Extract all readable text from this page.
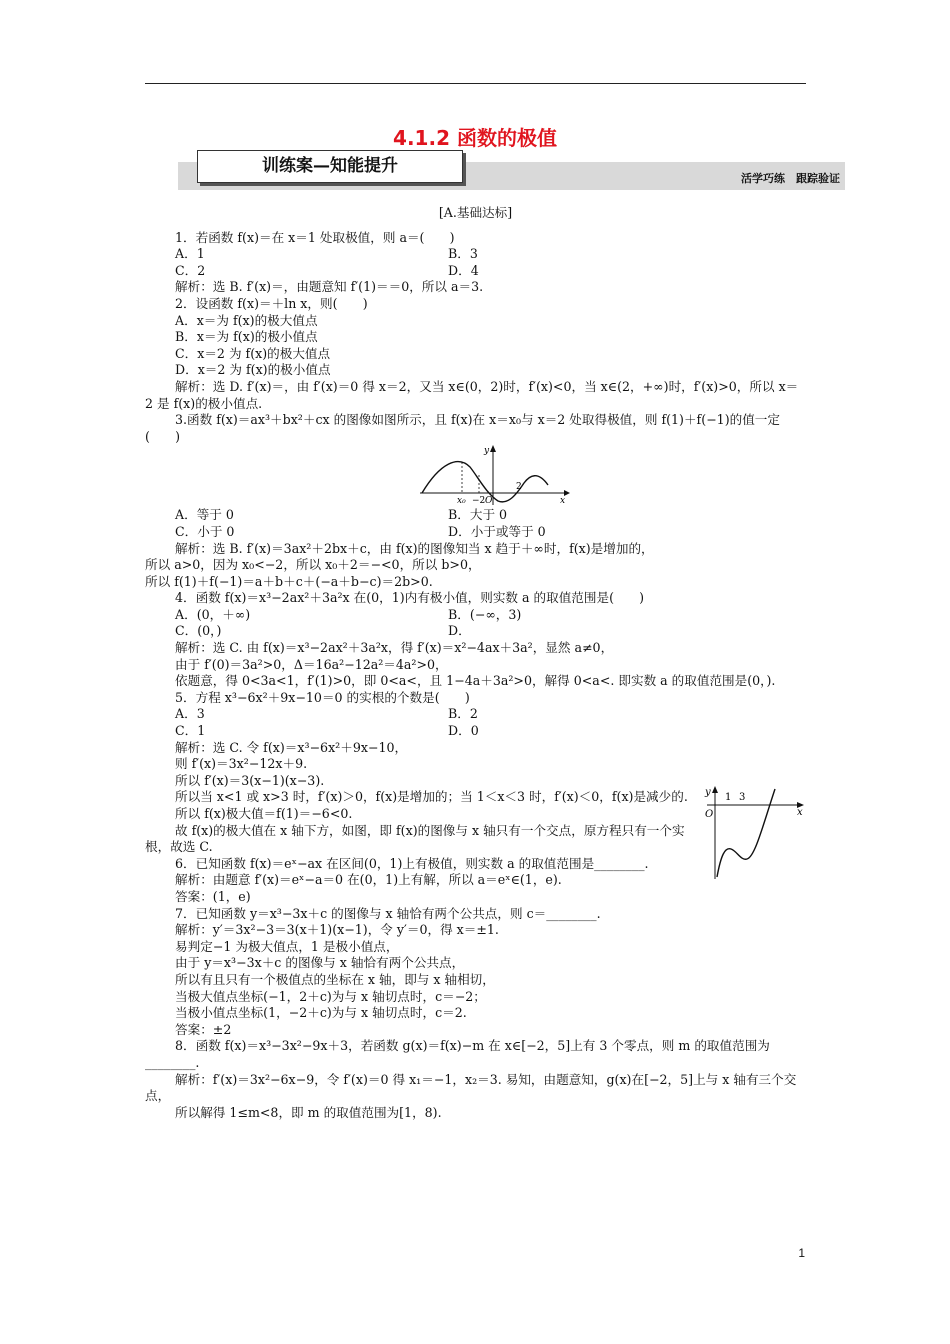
4.1.2 函数的极值
训练案—知能提升
活学巧练　跟踪验证
[A.基础达标]
1．若函数 f(x)＝在 x＝1 处取极值，则 a＝(　　)
A．1	B．3
C．2	D．4
解析：选 B. f′(x)＝，由题意知 f′(1)＝＝0，所以 a＝3.
2．设函数 f(x)＝＋ln x，则(　　)
A．x＝为 f(x)的极大值点
B．x＝为 f(x)的极小值点
C．x＝2 为 f(x)的极大值点
D．x＝2 为 f(x)的极小值点
解析：选 D. f′(x)＝，由 f′(x)＝0 得 x＝2，又当 x∈(0，2)时，f′(x)<0，当 x∈(2，+∞)时，f′(x)>0，所以 x＝2 是 f(x)的极小值点.
3.函数 f(x)＝ax³＋bx²＋cx 的图像如图所示，且 f(x)在 x＝x₀与 x＝2 处取得极值，则 f(1)＋f(−1)的值一定(　　)
y
x
x₀ −2 O
2
A．等于 0	B．大于 0
C．小于 0	D．小于或等于 0
解析：选 B. f′(x)＝3ax²＋2bx＋c，由 f(x)的图像知当 x 趋于＋∞时，f(x)是增加的，
所以 a>0，因为 x₀<−2，所以 x₀＋2＝−<0，所以 b>0，
所以 f(1)＋f(−1)＝a＋b＋c＋(−a＋b−c)＝2b>0.
4．函数 f(x)＝x³−2ax²＋3a²x 在(0，1)内有极小值，则实数 a 的取值范围是(　　)
A．(0，＋∞)	B．(−∞，3)
C．(0，)	D．
解析：选 C. 由 f(x)＝x³−2ax²＋3a²x，得 f′(x)＝x²−4ax＋3a²，显然 a≠0，
由于 f′(0)＝3a²>0，Δ＝16a²−12a²＝4a²>0，
依题意，得 0<3a<1，f′(1)>0，即 0<a<，且 1−4a＋3a²>0，解得 0<a<. 即实数 a 的取值范围是(0，).
5．方程 x³−6x²＋9x−10＝0 的实根的个数是(　　)
A．3	B．2
C．1	D．0
解析：选 C. 令 f(x)＝x³−6x²＋9x−10，
则 f′(x)＝3x²−12x＋9.
所以 f′(x)＝3(x−1)(x−3).
y
x
O
1 3
所以当 x<1 或 x>3 时，f′(x)＞0，f(x)是增加的；当 1＜x＜3 时，f′(x)＜0，f(x)是减少的.
所以 f(x)极大值＝f(1)＝−6<0.
故 f(x)的极大值在 x 轴下方，如图，即 f(x)的图像与 x 轴只有一个交点，原方程只有一个实根，故选 C.
6．已知函数 f(x)＝eˣ−ax 在区间(0，1)上有极值，则实数 a 的取值范围是________.
解析：由题意 f′(x)＝eˣ−a＝0 在(0，1)上有解，所以 a＝eˣ∈(1，e).
答案：(1，e)
7．已知函数 y＝x³−3x＋c 的图像与 x 轴恰有两个公共点，则 c＝________.
解析：y′＝3x²−3＝3(x＋1)(x−1)，令 y′＝0，得 x＝±1.
易判定−1 为极大值点，1 是极小值点，
由于 y＝x³−3x＋c 的图像与 x 轴恰有两个公共点，
所以有且只有一个极值点的坐标在 x 轴，即与 x 轴相切，
当极大值点坐标(−1，2＋c)为与 x 轴切点时，c＝−2；
当极小值点坐标(1，−2＋c)为与 x 轴切点时，c＝2.
答案：±2
8．函数 f(x)＝x³−3x²−9x＋3，若函数 g(x)＝f(x)−m 在 x∈[−2，5]上有 3 个零点，则 m 的取值范围为________.
解析：f′(x)＝3x²−6x−9，令 f′(x)＝0 得 x₁＝−1，x₂＝3. 易知，由题意知，g(x)在[−2，5]上与 x 轴有三个交点，
所以解得 1≤m<8，即 m 的取值范围为[1，8).
1
